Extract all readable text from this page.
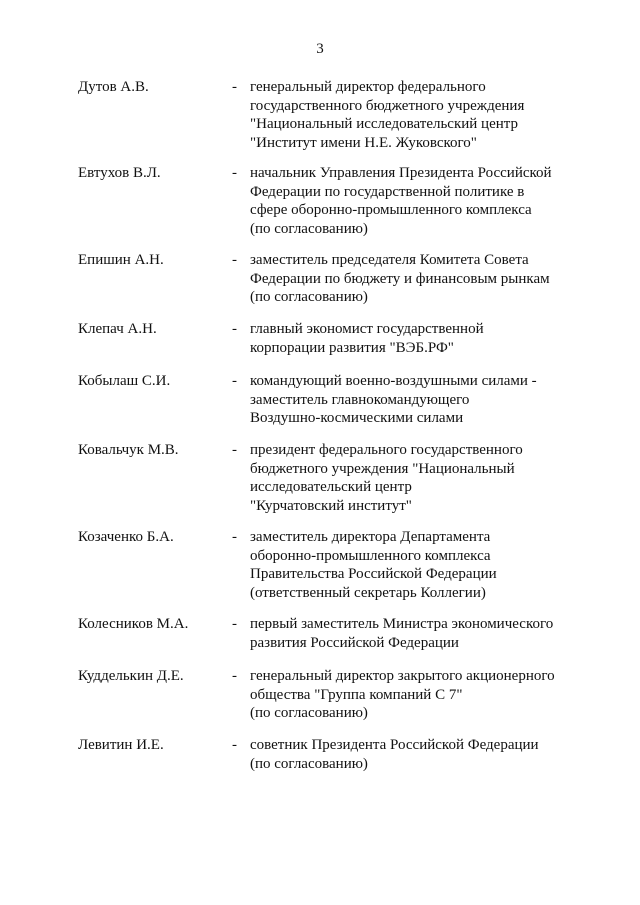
3
Дутов А.В.	- генеральный директор федерального
государственного бюджетного учреждения
"Национальный исследовательский центр
"Институт имени Н.Е. Жуковского"
Евтухов В.Л.	- начальник Управления Президента Российской
Федерации по государственной политике в
сфере оборонно-промышленного комплекса
(по согласованию)
Епишин А.Н.	- заместитель председателя Комитета Совета
Федерации по бюджету и финансовым рынкам
(по согласованию)
Клепач А.Н.	- главный экономист государственной
корпорации развития "ВЭБ.РФ"
Кобылаш С.И.	- командующий военно-воздушными силами -
заместитель главнокомандующего
Воздушно-космическими силами
Ковальчук М.В.	- президент федерального государственного
бюджетного учреждения "Национальный
исследовательский центр
"Курчатовский институт"
Козаченко Б.А.	- заместитель директора Департамента
оборонно-промышленного комплекса
Правительства Российской Федерации
(ответственный секретарь Коллегии)
Колесников М.А.	- первый заместитель Министра экономического
развития Российской Федерации
Кудделькин Д.Е.	- генеральный директор закрытого акционерного
общества "Группа компаний С 7"
(по согласованию)
Левитин И.Е.	- советник Президента Российской Федерации
(по согласованию)
